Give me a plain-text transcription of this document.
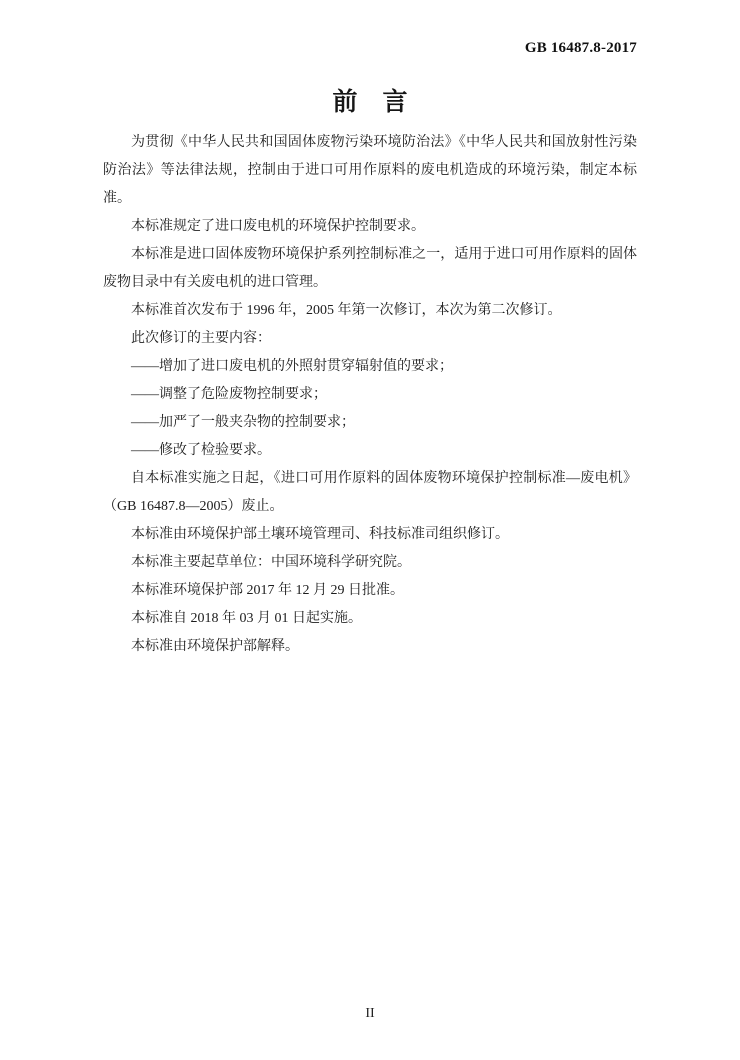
GB 16487.8-2017
前　言

为贯彻《中华人民共和国固体废物污染环境防治法》《中华人民共和国放射性污染防治法》等法律法规，控制由于进口可用作原料的废电机造成的环境污染，制定本标准。

本标准规定了进口废电机的环境保护控制要求。

本标准是进口固体废物环境保护系列控制标准之一，适用于进口可用作原料的固体废物目录中有关废电机的进口管理。

本标准首次发布于 1996 年，2005 年第一次修订，本次为第二次修订。

此次修订的主要内容：

——增加了进口废电机的外照射贯穿辐射值的要求；

——调整了危险废物控制要求；

——加严了一般夹杂物的控制要求；

——修改了检验要求。

自本标准实施之日起，《进口可用作原料的固体废物环境保护控制标准—废电机》（GB 16487.8—2005）废止。

本标准由环境保护部土壤环境管理司、科技标准司组织修订。

本标准主要起草单位：中国环境科学研究院。

本标准环境保护部 2017 年 12 月 29 日批准。

本标准自 2018 年 03 月 01 日起实施。

本标准由环境保护部解释。

II
